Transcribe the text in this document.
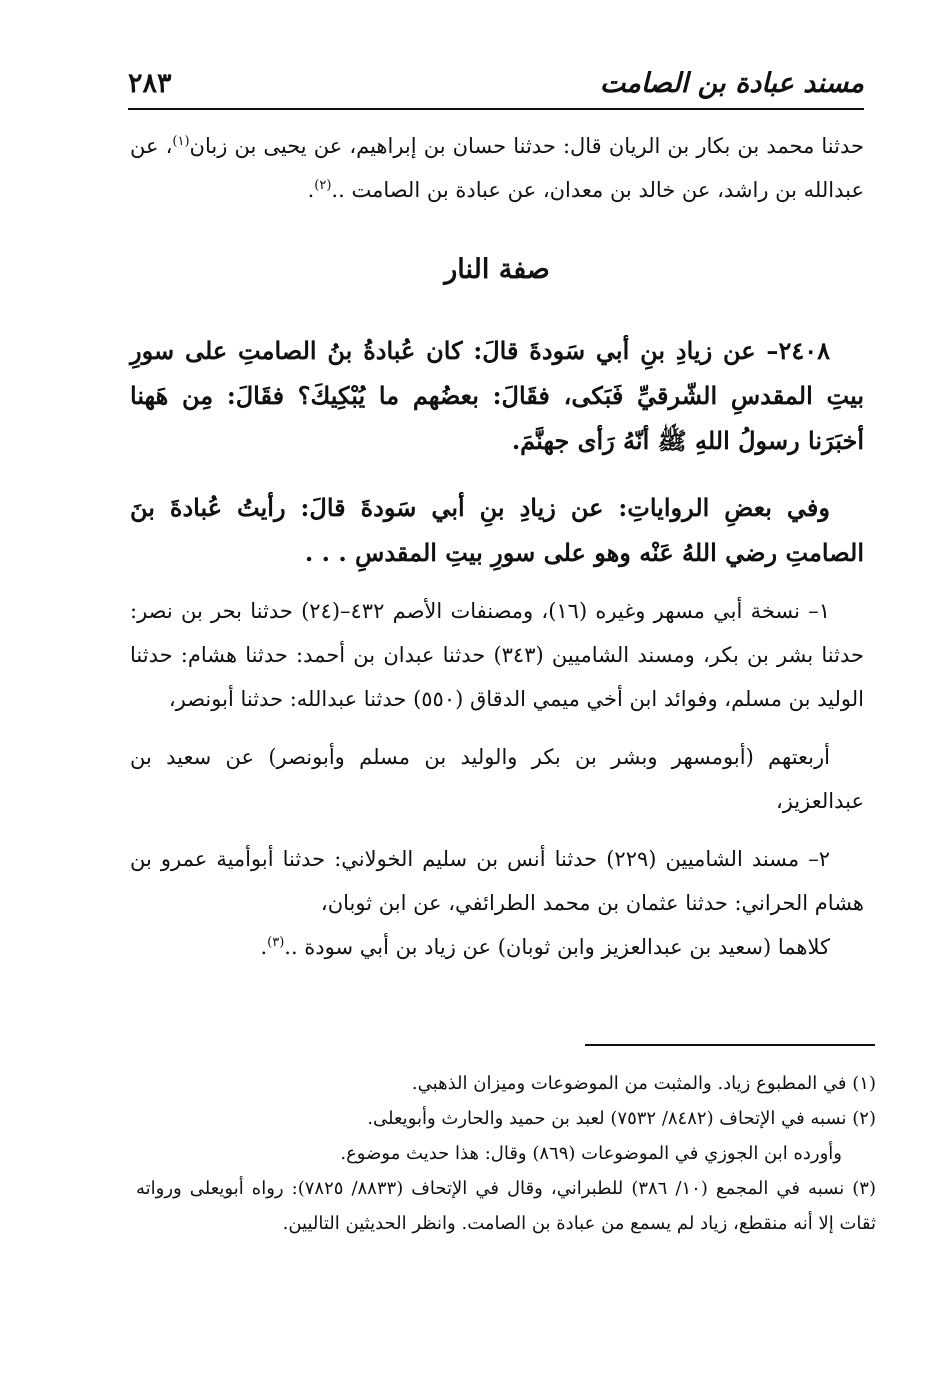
مسند عبادة بن الصامت
٢٨٣

حدثنا محمد بن بكار بن الريان قال: حدثنا حسان بن إبراهيم، عن يحيى بن زبان$^{(١)}$، عن عبدالله بن راشد، عن خالد بن معدان، عن عبادة بن الصامت ..$^{(٢)}$.

صفة النار

٢٤٠٨– عن زيادِ بنِ أبي سَودةَ قالَ: كان عُبادةُ بنُ الصامتِ على سورِ بيتِ المقدسِ الشّرقيِّ فَبَكى، فقَالَ: بعضُهم ما يُبْكِيكَ؟ فقَالَ: مِن هَهنا أخبَرَنا رسولُ اللهِ ﷺ أنّهُ رَأى جهنَّمَ.

وفي بعضِ الرواياتِ: عن زيادِ بنِ أبي سَودةَ قالَ: رأيتُ عُبادةَ بنَ الصامتِ رضي اللهُ عَنْه وهو على سورِ بيتِ المقدسِ . . .

١– نسخة أبي مسهر وغيره (١٦)، ومصنفات الأصم ٤٣٢–(٢٤) حدثنا بحر بن نصر: حدثنا بشر بن بكر، ومسند الشاميين (٣٤٣) حدثنا عبدان بن أحمد: حدثنا هشام: حدثنا الوليد بن مسلم، وفوائد ابن أخي ميمي الدقاق (٥٥٠) حدثنا عبدالله: حدثنا أبونصر،

أربعتهم (أبومسهر وبشر بن بكر والوليد بن مسلم وأبونصر) عن سعيد بن عبدالعزيز،

٢– مسند الشاميين (٢٢٩) حدثنا أنس بن سليم الخولاني: حدثنا أبوأمية عمرو بن هشام الحراني: حدثنا عثمان بن محمد الطرائفي، عن ابن ثوبان،

كلاهما (سعيد بن عبدالعزيز وابن ثوبان) عن زياد بن أبي سودة ..$^{(٣)}$.

(١) في المطبوع زياد. والمثبت من الموضوعات وميزان الذهبي.

(٢) نسبه في الإتحاف (٨٤٨٢/ ٧٥٣٢) لعبد بن حميد والحارث وأبويعلى.

وأورده ابن الجوزي في الموضوعات (٨٦٩) وقال: هذا حديث موضوع.

(٣) نسبه في المجمع (١٠/ ٣٨٦) للطبراني، وقال في الإتحاف (٨٨٣٣/ ٧٨٢٥): رواه أبويعلى ورواته ثقات إلا أنه منقطع، زياد لم يسمع من عبادة بن الصامت. وانظر الحديثين التاليين.
